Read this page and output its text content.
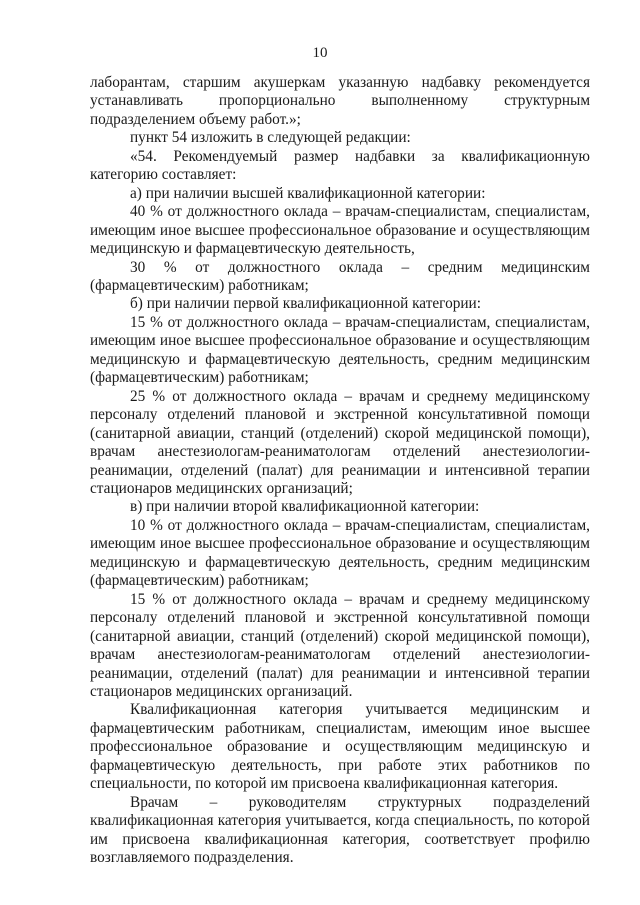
10

лаборантам, старшим акушеркам указанную надбавку рекомендуется устанавливать пропорционально выполненному структурным подразделением объему работ.»;

пункт 54 изложить в следующей редакции:

«54. Рекомендуемый размер надбавки за квалификационную категорию составляет:

а) при наличии высшей квалификационной категории:

40 % от должностного оклада – врачам-специалистам, специалистам, имеющим иное высшее профессиональное образование и осуществляющим медицинскую и фармацевтическую деятельность,

30 % от должностного оклада – средним медицинским (фармацевтическим) работникам;

б) при наличии первой квалификационной категории:

15 % от должностного оклада – врачам-специалистам, специалистам, имеющим иное высшее профессиональное образование и осуществляющим медицинскую и фармацевтическую деятельность, средним медицинским (фармацевтическим) работникам;

25 % от должностного оклада – врачам и среднему медицинскому персоналу отделений плановой и экстренной консультативной помощи (санитарной авиации, станций (отделений) скорой медицинской помощи), врачам анестезиологам-реаниматологам отделений анестезиологии-реанимации, отделений (палат) для реанимации и интенсивной терапии стационаров медицинских организаций;

в) при наличии второй квалификационной категории:

10 % от должностного оклада – врачам-специалистам, специалистам, имеющим иное высшее профессиональное образование и осуществляющим медицинскую и фармацевтическую деятельность, средним медицинским (фармацевтическим) работникам;

15 % от должностного оклада – врачам и среднему медицинскому персоналу отделений плановой и экстренной консультативной помощи (санитарной авиации, станций (отделений) скорой медицинской помощи), врачам анестезиологам-реаниматологам отделений анестезиологии-реанимации, отделений (палат) для реанимации и интенсивной терапии стационаров медицинских организаций.

Квалификационная категория учитывается медицинским и фармацевтическим работникам, специалистам, имеющим иное высшее профессиональное образование и осуществляющим медицинскую и фармацевтическую деятельность, при работе этих работников по специальности, по которой им присвоена квалификационная категория.

Врачам – руководителям структурных подразделений квалификационная категория учитывается, когда специальность, по которой им присвоена квалификационная категория, соответствует профилю возглавляемого подразделения.
